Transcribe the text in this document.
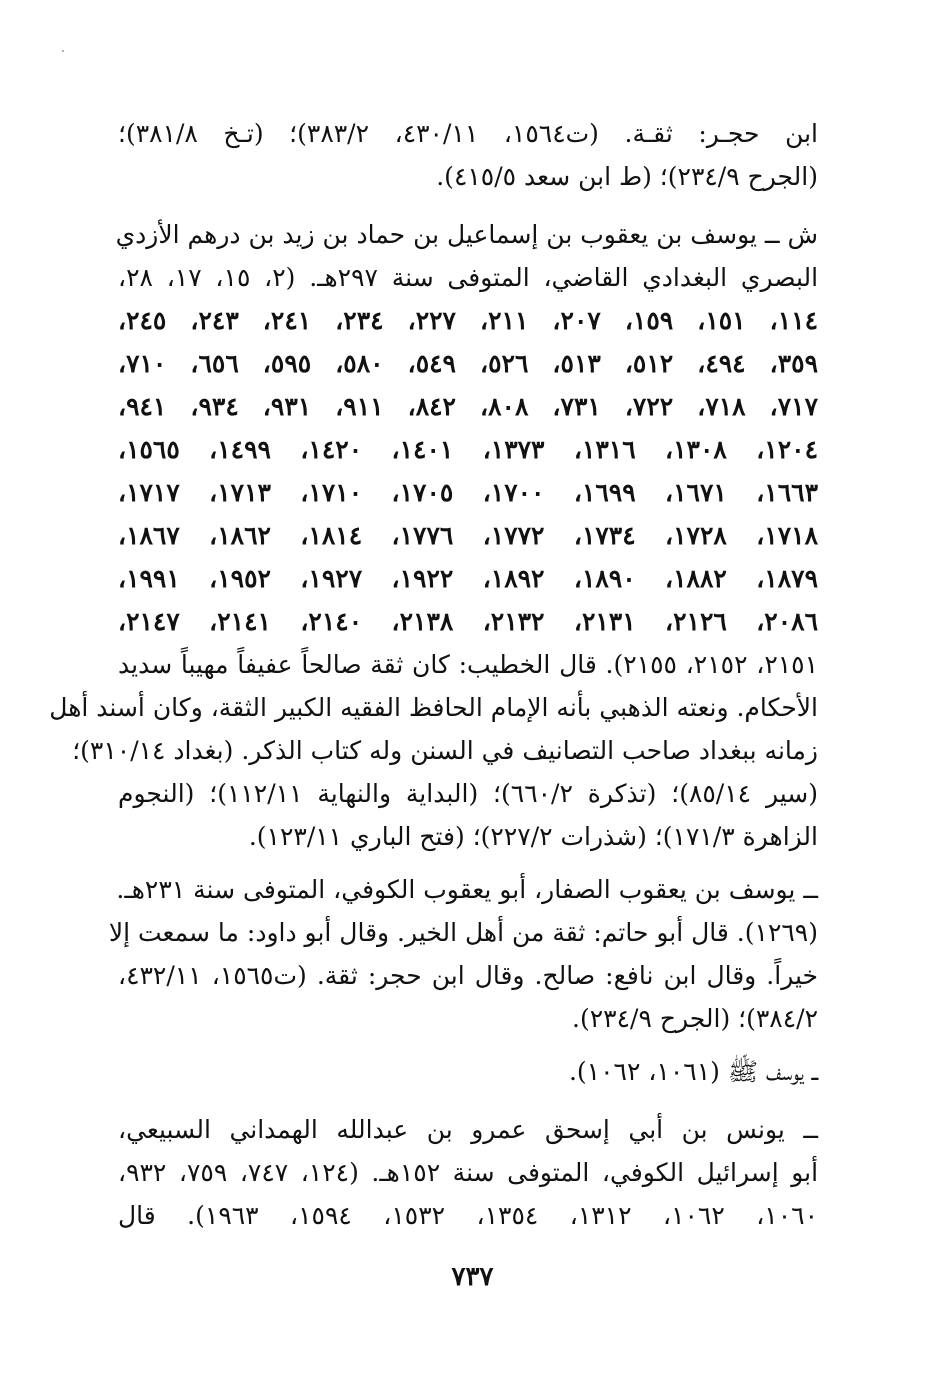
ابن حجـر: ثقـة. (ت١٥٦٤، ٤٣٠/١١، ٣٨٣/٢)؛ (تـخ ٣٨١/٨)؛
(الجرح ٢٣٤/٩)؛ (ط ابن سعد ٤١٥/٥).
ش ــ يوسف بن يعقوب بن إسماعيل بن حماد بن زيد بن درهم الأزدي
البصري البغدادي القاضي، المتوفى سنة ٢٩٧هـ. (٢، ١٥، ١٧، ٢٨،
١١٤، ١٥١، ١٥٩، ٢٠٧، ٢١١، ٢٢٧، ٢٣٤، ٢٤١، ٢٤٣، ٢٤٥،
٣٥٩، ٤٩٤، ٥١٢، ٥١٣، ٥٢٦، ٥٤٩، ٥٨٠، ٥٩٥، ٦٥٦، ٧١٠،
٧١٧، ٧١٨، ٧٢٢، ٧٣١، ٨٠٨، ٨٤٢، ٩١١، ٩٣١، ٩٣٤، ٩٤١،
١٢٠٤، ١٣٠٨، ١٣١٦، ١٣٧٣، ١٤٠١، ١٤٢٠، ١٤٩٩، ١٥٦٥،
١٦٦٣، ١٦٧١، ١٦٩٩، ١٧٠٠، ١٧٠٥، ١٧١٠، ١٧١٣، ١٧١٧،
١٧١٨، ١٧٢٨، ١٧٣٤، ١٧٧٢، ١٧٧٦، ١٨١٤، ١٨٦٢، ١٨٦٧،
١٨٧٩، ١٨٨٢، ١٨٩٠، ١٨٩٢، ١٩٢٢، ١٩٢٧، ١٩٥٢، ١٩٩١،
٢٠٨٦، ٢١٢٦، ٢١٣١، ٢١٣٢، ٢١٣٨، ٢١٤٠، ٢١٤١، ٢١٤٧،
٢١٥١، ٢١٥٢، ٢١٥٥). قال الخطيب: كان ثقة صالحاً عفيفاً مهيباً سديد
الأحكام. ونعته الذهبي بأنه الإمام الحافظ الفقيه الكبير الثقة، وكان أسند أهل
زمانه ببغداد صاحب التصانيف في السنن وله كتاب الذكر. (بغداد ٣١٠/١٤)؛
(سير ٨٥/١٤)؛ (تذكرة ٦٦٠/٢)؛ (البداية والنهاية ١١٢/١١)؛ (النجوم
الزاهرة ١٧١/٣)؛ (شذرات ٢٢٧/٢)؛ (فتح الباري ١٢٣/١١).
ــ يوسف بن يعقوب الصفار، أبو يعقوب الكوفي، المتوفى سنة ٢٣١هـ.
(١٢٦٩). قال أبو حاتم: ثقة من أهل الخير. وقال أبو داود: ما سمعت إلا
خيراً. وقال ابن نافع: صالح. وقال ابن حجر: ثقة. (ت١٥٦٥، ٤٣٢/١١،
٣٨٤/٢)؛ (الجرح ٢٣٤/٩).
ــ يوسف ﷺ (١٠٦١، ١٠٦٢).
ــ يونس بن أبي إسحق عمرو بن عبدالله الهمداني السبيعي،
أبو إسرائيل الكوفي، المتوفى سنة ١٥٢هـ. (١٢٤، ٧٤٧، ٧٥٩، ٩٣٢،
١٠٦٠، ١٠٦٢، ١٣١٢، ١٣٥٤، ١٥٣٢، ١٥٩٤، ١٩٦٣). قال
٧٣٧
